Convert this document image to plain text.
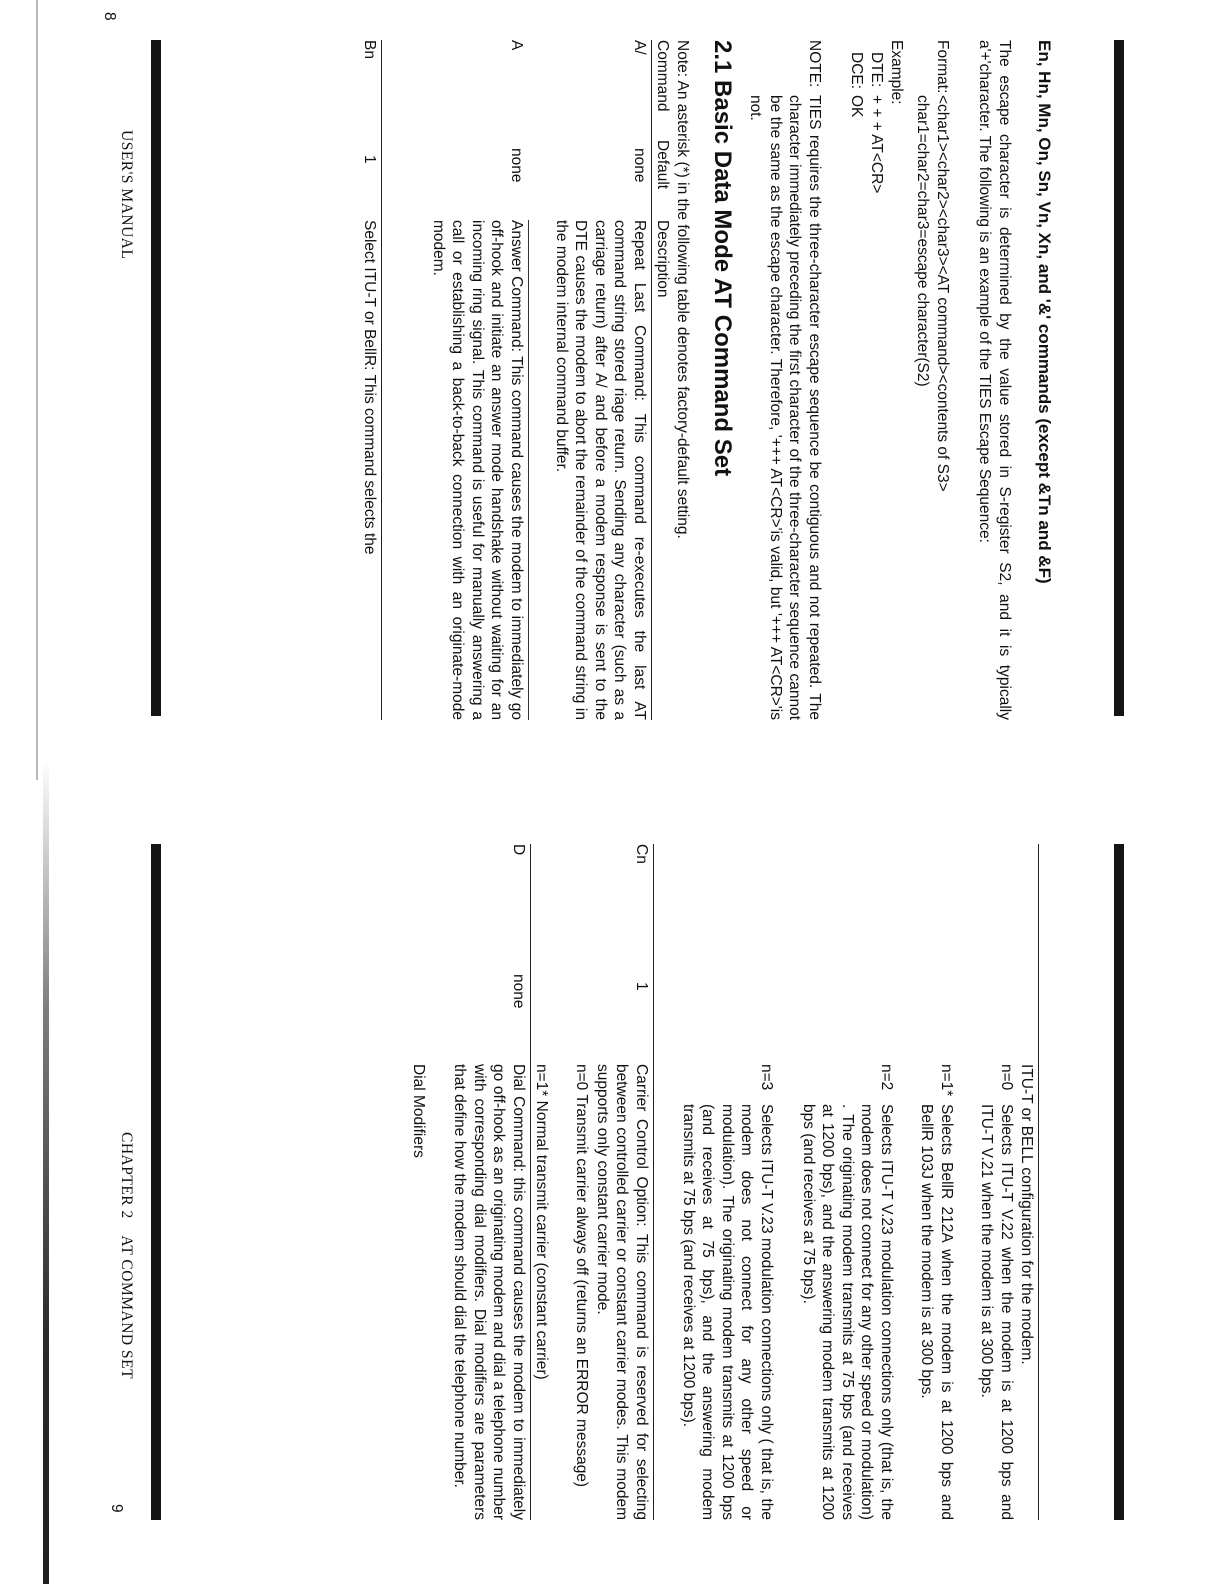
En, Hn, Mn, On, Sn, Vn, Xn, and '&' commands (except &Tn and &F)
The escape character is determined by the value stored in S-register S2, and it is typically a'+'character. The following is an example of the TIES Escape Sequence:
Format:
<char1><char2><char3><AT command><contents of S3>
char1=char2=char3=escape character(S2)
Example:
DTE:
+ + + AT<CR>
DCE:
OK
NOTE:
TIES requires the three-character escape sequence be contiguous and not repeated. The character immediately preceding the first character of the three-character sequence cannot be the same as the escape character. Therefore, '+++ AT<CR>'is valid, but '+++ AT<CR>'is not.
2.1 Basic Data Mode AT Command Set
Note: An asterisk (*) in the following table denotes factory-default setting.
Command
Default
Description
A/
none
Repeat Last Command: This command re-executes the last AT command string stored riage return. Sending any character (such as a carriage return) after A/ and before a modem response is sent to the DTE causes the modem to abort the remainder of the command string in the modem internal command buffer.
A
none
Answer Command: This command causes the modem to immediately go off-hook and initiate an answer mode handshake without waiting for an incoming ring signal. This command is useful for manually answering a call or establishing a back-to-back connection with an originate-mode modem.
Bn
1
Select ITU-T or BellR: This command selects the
8
USER'S MANUAL
ITU-T or BELL configuration for the modem.
n=0
Selects ITU-T V.22 when the modem is at 1200 bps and ITU-T V.21 when the modem is at 300 bps.
n=1*
Selects BellR 212A when the modem is at 1200 bps and BellR 103J when the modem is at 300 bps.
n=2
Selects ITU-T V.23 modulation connections only (that is, the modem does not connect for any other speed or modulation) . The originating modem transmits at 75 bps (and receives at 1200 bps), and the answering modem transmits at 1200 bps (and receives at 75 bps).
n=3
Selects ITU-T V.23 modulation connections only ( that is, the modem does not connect for any other speed or modulation). The originating modem transmits at 1200 bps (and receives at 75 bps), and the answering modem transmits at 75 bps (and receives at 1200 bps).
Cn
1
Carrier Control Option: This command is reserved for selecting between controlled carrier or constant carrier modes. This modem supports only constant carrier mode.
n=0 Transmit carrier always off (returns an ERROR message)
n=1* Normal transmit carrier (constant carrier)
D
none
Dial Command: this command causes the modem to immediately go off-hook as an originating modem and dial a telephone number with corresponding dial modifiers. Dial modifiers are parameters that define how the modem should dial the telephone number.
Dial Modifiers
CHAPTER 2    AT COMMAND SET
9
